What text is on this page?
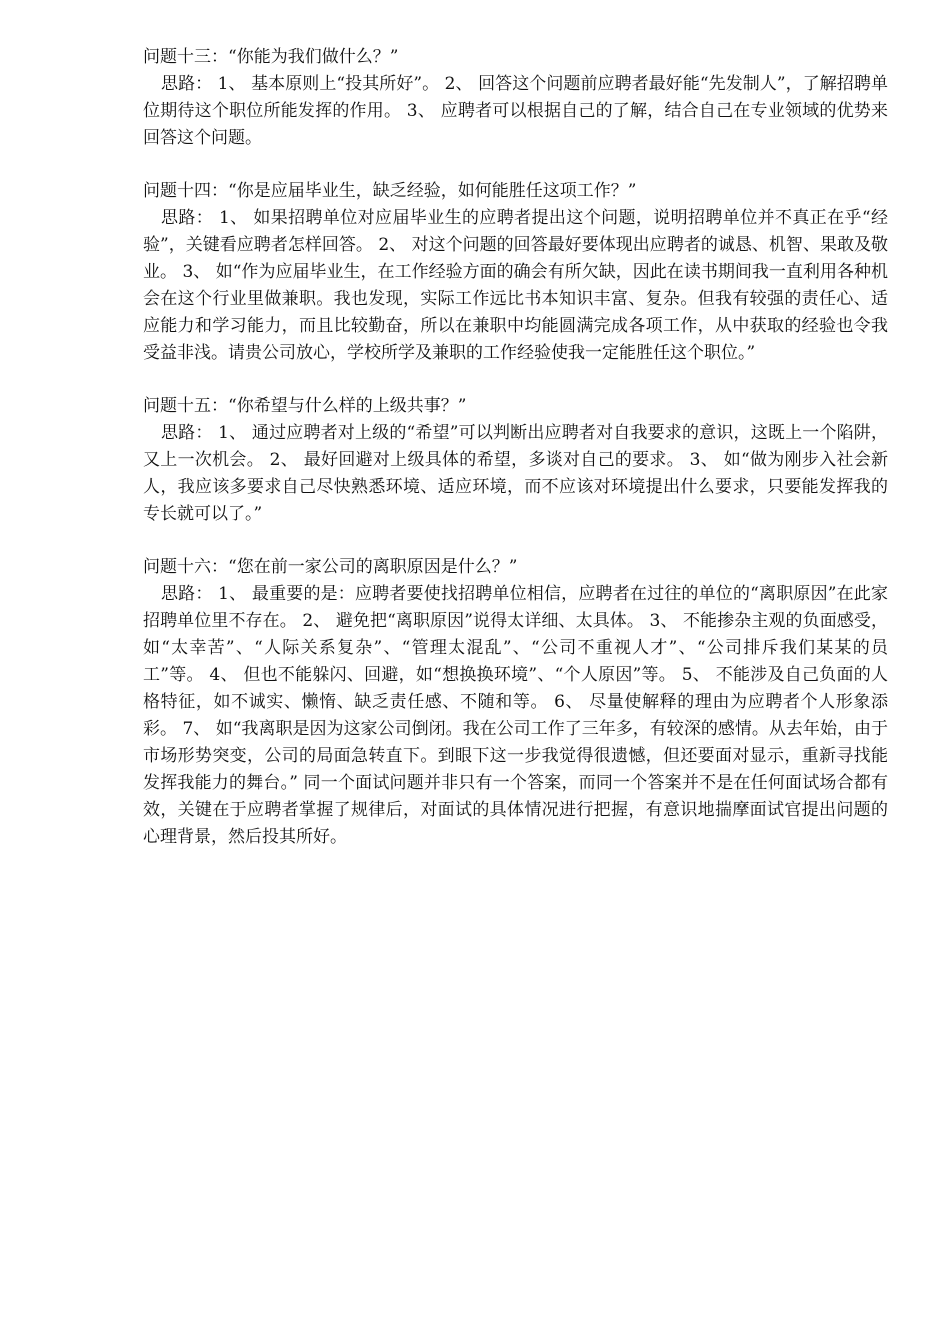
问题十三：“你能为我们做什么？”

思路： 1、 基本原则上“投其所好”。 2、 回答这个问题前应聘者最好能“先发制人”，了解招聘单位期待这个职位所能发挥的作用。 3、 应聘者可以根据自己的了解，结合自己在专业领域的优势来回答这个问题。

问题十四：“你是应届毕业生，缺乏经验，如何能胜任这项工作？”

思路： 1、 如果招聘单位对应届毕业生的应聘者提出这个问题，说明招聘单位并不真正在乎“经验”，关键看应聘者怎样回答。 2、 对这个问题的回答最好要体现出应聘者的诚恳、机智、果敢及敬业。 3、 如“作为应届毕业生，在工作经验方面的确会有所欠缺，因此在读书期间我一直利用各种机会在这个行业里做兼职。我也发现，实际工作远比书本知识丰富、复杂。但我有较强的责任心、适应能力和学习能力，而且比较勤奋，所以在兼职中均能圆满完成各项工作，从中获取的经验也令我受益非浅。请贵公司放心，学校所学及兼职的工作经验使我一定能胜任这个职位。”

问题十五：“你希望与什么样的上级共事？”

思路： 1、 通过应聘者对上级的“希望”可以判断出应聘者对自我要求的意识，这既上一个陷阱，又上一次机会。 2、 最好回避对上级具体的希望，多谈对自己的要求。 3、 如“做为刚步入社会新人，我应该多要求自己尽快熟悉环境、适应环境，而不应该对环境提出什么要求，只要能发挥我的专长就可以了。”

问题十六：“您在前一家公司的离职原因是什么？”

思路： 1、 最重要的是：应聘者要使找招聘单位相信，应聘者在过往的单位的“离职原因”在此家招聘单位里不存在。 2、 避免把“离职原因”说得太详细、太具体。 3、 不能掺杂主观的负面感受，如“太幸苦”、“人际关系复杂”、“管理太混乱”、“公司不重视人才”、“公司排斥我们某某的员工”等。 4、 但也不能躲闪、回避，如“想换换环境”、“个人原因”等。 5、 不能涉及自己负面的人格特征，如不诚实、懒惰、缺乏责任感、不随和等。 6、 尽量使解释的理由为应聘者个人形象添彩。 7、 如“我离职是因为这家公司倒闭。我在公司工作了三年多，有较深的感情。从去年始，由于市场形势突变，公司的局面急转直下。到眼下这一步我觉得很遗憾，但还要面对显示，重新寻找能发挥我能力的舞台。” 同一个面试问题并非只有一个答案，而同一个答案并不是在任何面试场合都有效，关键在于应聘者掌握了规律后，对面试的具体情况进行把握，有意识地揣摩面试官提出问题的心理背景，然后投其所好。
